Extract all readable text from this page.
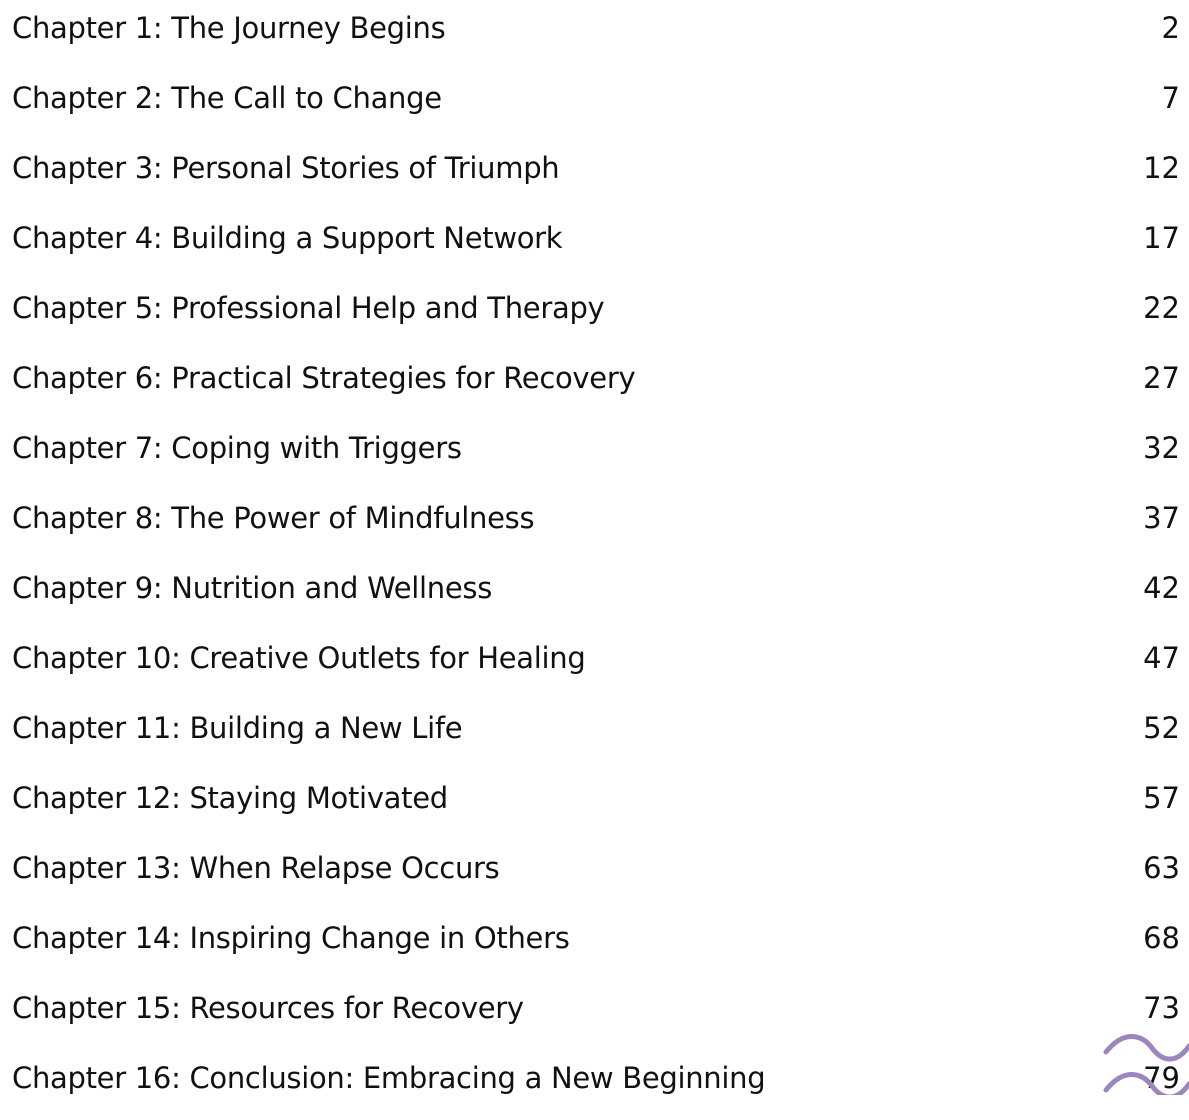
Chapter 1: The Journey Begins	2
Chapter 2: The Call to Change	7
Chapter 3: Personal Stories of Triumph	12
Chapter 4: Building a Support Network	17
Chapter 5: Professional Help and Therapy	22
Chapter 6: Practical Strategies for Recovery	27
Chapter 7: Coping with Triggers	32
Chapter 8: The Power of Mindfulness	37
Chapter 9: Nutrition and Wellness	42
Chapter 10: Creative Outlets for Healing	47
Chapter 11: Building a New Life	52
Chapter 12: Staying Motivated	57
Chapter 13: When Relapse Occurs	63
Chapter 14: Inspiring Change in Others	68
Chapter 15: Resources for Recovery	73
Chapter 16: Conclusion: Embracing a New Beginning	79
